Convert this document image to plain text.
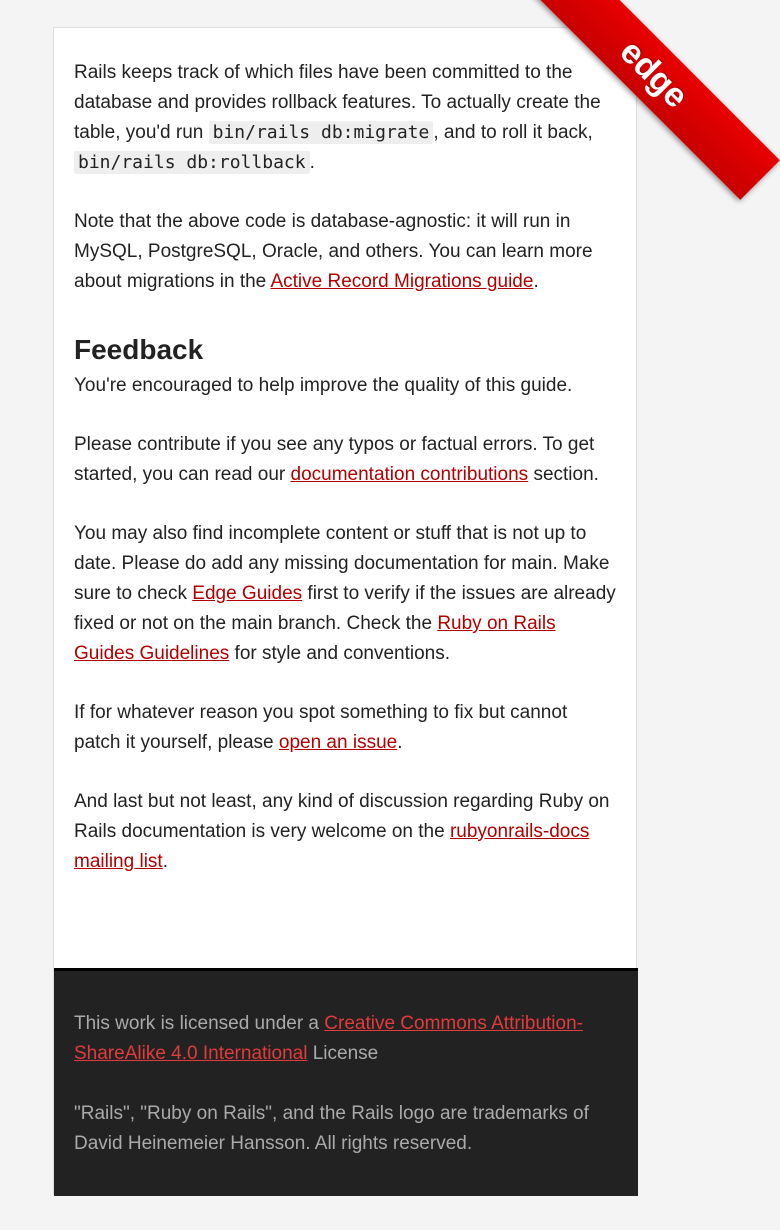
Rails keeps track of which files have been committed to the database and provides rollback features. To actually create the table, you'd run bin/rails db:migrate , and to roll it back, bin/rails db:rollback .

Note that the above code is database-agnostic: it will run in MySQL, PostgreSQL, Oracle, and others. You can learn more about migrations in the Active Record Migrations guide.

Feedback

You're encouraged to help improve the quality of this guide.

Please contribute if you see any typos or factual errors. To get started, you can read our documentation contributions section.

You may also find incomplete content or stuff that is not up to date. Please do add any missing documentation for main. Make sure to check Edge Guides first to verify if the issues are already fixed or not on the main branch. Check the Ruby on Rails Guides Guidelines for style and conventions.

If for whatever reason you spot something to fix but cannot patch it yourself, please open an issue.

And last but not least, any kind of discussion regarding Ruby on Rails documentation is very welcome on the rubyonrails-docs mailing list.

This work is licensed under a Creative Commons Attribution-ShareAlike 4.0 International License

"Rails", "Ruby on Rails", and the Rails logo are trademarks of David Heinemeier Hansson. All rights reserved.

edge
